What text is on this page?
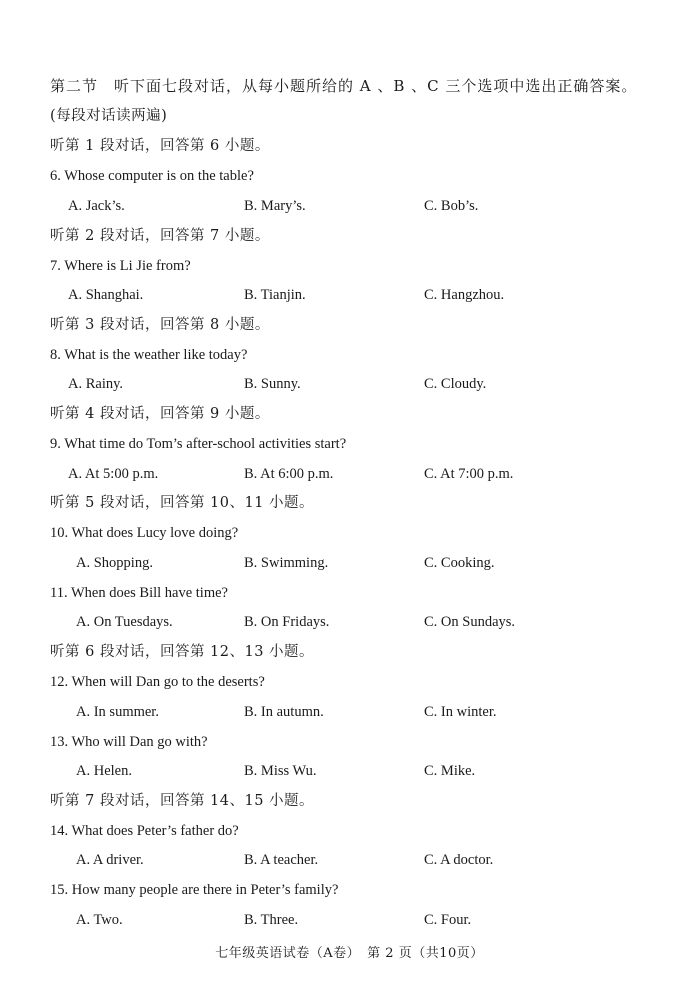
第二节　听下面七段对话，从每小题所给的 A 、B 、C 三个选项中选出正确答案。
(每段对话读两遍)
听第 1 段对话，回答第 6 小题。
6. Whose computer is on the table?
A. Jack’s.	B. Mary’s.	C. Bob’s.
听第 2 段对话，回答第 7 小题。
7. Where is Li Jie from?
A. Shanghai.	B. Tianjin.	C. Hangzhou.
听第 3 段对话，回答第 8 小题。
8. What is the weather like today?
A. Rainy.	B. Sunny.	C. Cloudy.
听第 4 段对话，回答第 9 小题。
9. What time do Tom’s after-school activities start?
A. At 5:00 p.m.	B. At 6:00 p.m.	C. At 7:00 p.m.
听第 5 段对话，回答第 10、11 小题。
10. What does Lucy love doing?
A. Shopping.	B. Swimming.	C. Cooking.
11. When does Bill have time?
A. On Tuesdays.	B. On Fridays.	C. On Sundays.
听第 6 段对话，回答第 12、13 小题。
12. When will Dan go to the deserts?
A. In summer.	B. In autumn.	C. In winter.
13. Who will Dan go with?
A. Helen.	B. Miss Wu.	C. Mike.
听第 7 段对话，回答第 14、15 小题。
14. What does Peter’s father do?
A. A driver.	B. A teacher.	C. A doctor.
15. How many people are there in Peter’s family?
A. Two.	B. Three.	C. Four.
七年级英语试卷（A卷）　第 2 页（共10页）
